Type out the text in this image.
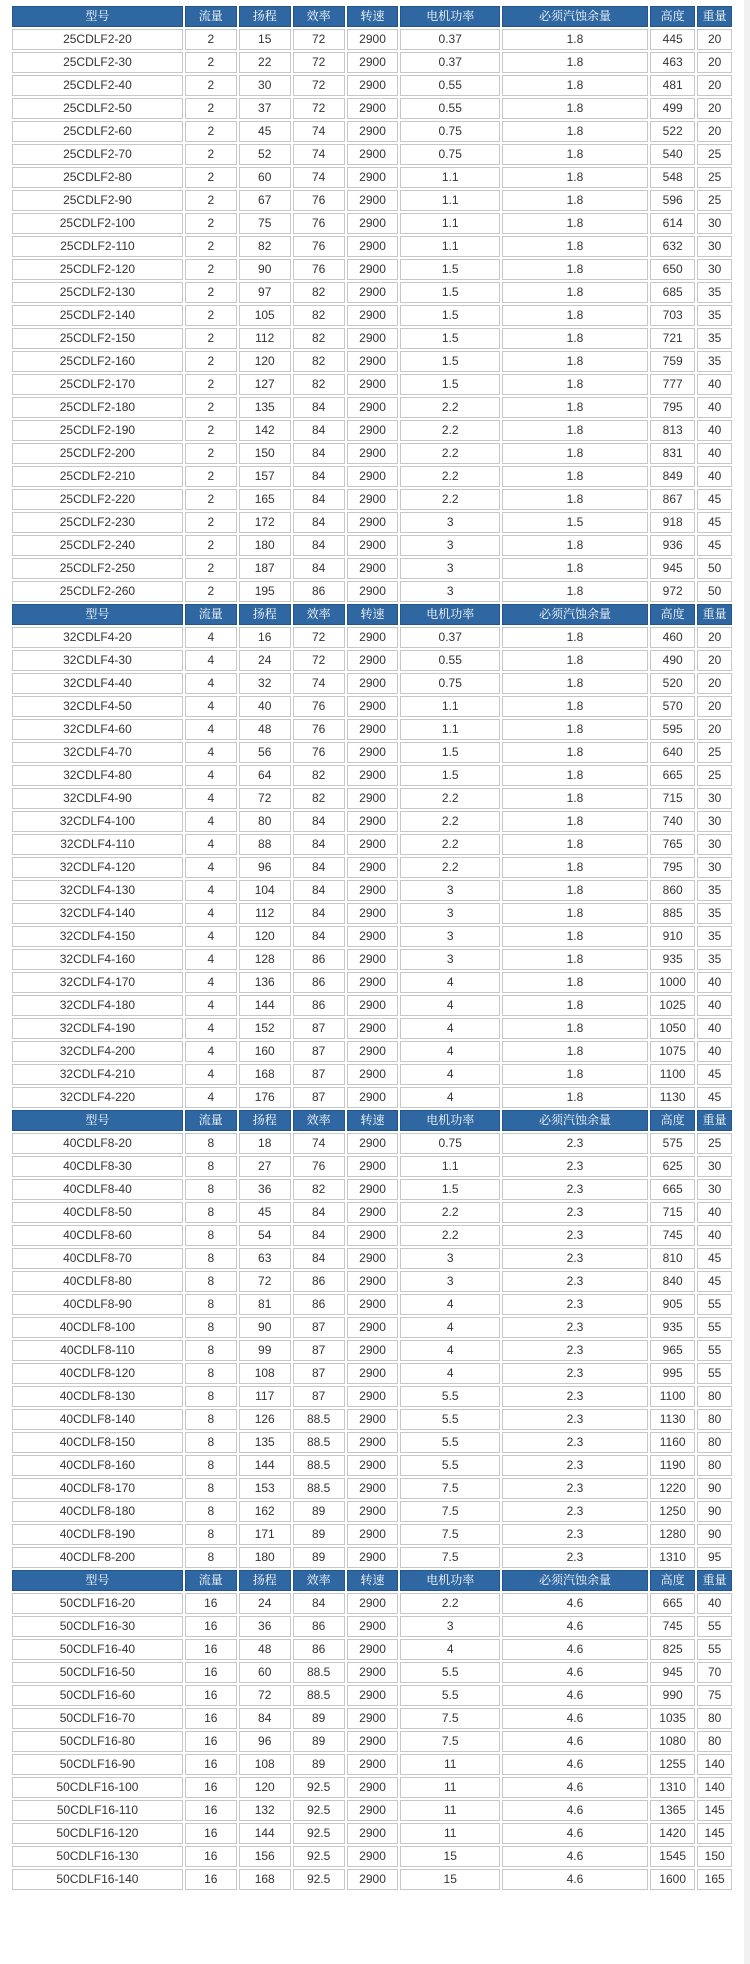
型号	流量	扬程	效率	转速	电机功率	必须汽蚀余量	高度	重量
25CDLF2-20	2	15	72	2900	0.37	1.8	445	20
25CDLF2-30	2	22	72	2900	0.37	1.8	463	20
25CDLF2-40	2	30	72	2900	0.55	1.8	481	20
25CDLF2-50	2	37	72	2900	0.55	1.8	499	20
25CDLF2-60	2	45	74	2900	0.75	1.8	522	20
25CDLF2-70	2	52	74	2900	0.75	1.8	540	25
25CDLF2-80	2	60	74	2900	1.1	1.8	548	25
25CDLF2-90	2	67	76	2900	1.1	1.8	596	25
25CDLF2-100	2	75	76	2900	1.1	1.8	614	30
25CDLF2-110	2	82	76	2900	1.1	1.8	632	30
25CDLF2-120	2	90	76	2900	1.5	1.8	650	30
25CDLF2-130	2	97	82	2900	1.5	1.8	685	35
25CDLF2-140	2	105	82	2900	1.5	1.8	703	35
25CDLF2-150	2	112	82	2900	1.5	1.8	721	35
25CDLF2-160	2	120	82	2900	1.5	1.8	759	35
25CDLF2-170	2	127	82	2900	1.5	1.8	777	40
25CDLF2-180	2	135	84	2900	2.2	1.8	795	40
25CDLF2-190	2	142	84	2900	2.2	1.8	813	40
25CDLF2-200	2	150	84	2900	2.2	1.8	831	40
25CDLF2-210	2	157	84	2900	2.2	1.8	849	40
25CDLF2-220	2	165	84	2900	2.2	1.8	867	45
25CDLF2-230	2	172	84	2900	3	1.5	918	45
25CDLF2-240	2	180	84	2900	3	1.8	936	45
25CDLF2-250	2	187	84	2900	3	1.8	945	50
25CDLF2-260	2	195	86	2900	3	1.8	972	50
型号	流量	扬程	效率	转速	电机功率	必须汽蚀余量	高度	重量
32CDLF4-20	4	16	72	2900	0.37	1.8	460	20
32CDLF4-30	4	24	72	2900	0.55	1.8	490	20
32CDLF4-40	4	32	74	2900	0.75	1.8	520	20
32CDLF4-50	4	40	76	2900	1.1	1.8	570	20
32CDLF4-60	4	48	76	2900	1.1	1.8	595	20
32CDLF4-70	4	56	76	2900	1.5	1.8	640	25
32CDLF4-80	4	64	82	2900	1.5	1.8	665	25
32CDLF4-90	4	72	82	2900	2.2	1.8	715	30
32CDLF4-100	4	80	84	2900	2.2	1.8	740	30
32CDLF4-110	4	88	84	2900	2.2	1.8	765	30
32CDLF4-120	4	96	84	2900	2.2	1.8	795	30
32CDLF4-130	4	104	84	2900	3	1.8	860	35
32CDLF4-140	4	112	84	2900	3	1.8	885	35
32CDLF4-150	4	120	84	2900	3	1.8	910	35
32CDLF4-160	4	128	86	2900	3	1.8	935	35
32CDLF4-170	4	136	86	2900	4	1.8	1000	40
32CDLF4-180	4	144	86	2900	4	1.8	1025	40
32CDLF4-190	4	152	87	2900	4	1.8	1050	40
32CDLF4-200	4	160	87	2900	4	1.8	1075	40
32CDLF4-210	4	168	87	2900	4	1.8	1100	45
32CDLF4-220	4	176	87	2900	4	1.8	1130	45
型号	流量	扬程	效率	转速	电机功率	必须汽蚀余量	高度	重量
40CDLF8-20	8	18	74	2900	0.75	2.3	575	25
40CDLF8-30	8	27	76	2900	1.1	2.3	625	30
40CDLF8-40	8	36	82	2900	1.5	2.3	665	30
40CDLF8-50	8	45	84	2900	2.2	2.3	715	40
40CDLF8-60	8	54	84	2900	2.2	2.3	745	40
40CDLF8-70	8	63	84	2900	3	2.3	810	45
40CDLF8-80	8	72	86	2900	3	2.3	840	45
40CDLF8-90	8	81	86	2900	4	2.3	905	55
40CDLF8-100	8	90	87	2900	4	2.3	935	55
40CDLF8-110	8	99	87	2900	4	2.3	965	55
40CDLF8-120	8	108	87	2900	4	2.3	995	55
40CDLF8-130	8	117	87	2900	5.5	2.3	1100	80
40CDLF8-140	8	126	88.5	2900	5.5	2.3	1130	80
40CDLF8-150	8	135	88.5	2900	5.5	2.3	1160	80
40CDLF8-160	8	144	88.5	2900	5.5	2.3	1190	80
40CDLF8-170	8	153	88.5	2900	7.5	2.3	1220	90
40CDLF8-180	8	162	89	2900	7.5	2.3	1250	90
40CDLF8-190	8	171	89	2900	7.5	2.3	1280	90
40CDLF8-200	8	180	89	2900	7.5	2.3	1310	95
型号	流量	扬程	效率	转速	电机功率	必须汽蚀余量	高度	重量
50CDLF16-20	16	24	84	2900	2.2	4.6	665	40
50CDLF16-30	16	36	86	2900	3	4.6	745	55
50CDLF16-40	16	48	86	2900	4	4.6	825	55
50CDLF16-50	16	60	88.5	2900	5.5	4.6	945	70
50CDLF16-60	16	72	88.5	2900	5.5	4.6	990	75
50CDLF16-70	16	84	89	2900	7.5	4.6	1035	80
50CDLF16-80	16	96	89	2900	7.5	4.6	1080	80
50CDLF16-90	16	108	89	2900	11	4.6	1255	140
50CDLF16-100	16	120	92.5	2900	11	4.6	1310	140
50CDLF16-110	16	132	92.5	2900	11	4.6	1365	145
50CDLF16-120	16	144	92.5	2900	11	4.6	1420	145
50CDLF16-130	16	156	92.5	2900	15	4.6	1545	150
50CDLF16-140	16	168	92.5	2900	15	4.6	1600	165
